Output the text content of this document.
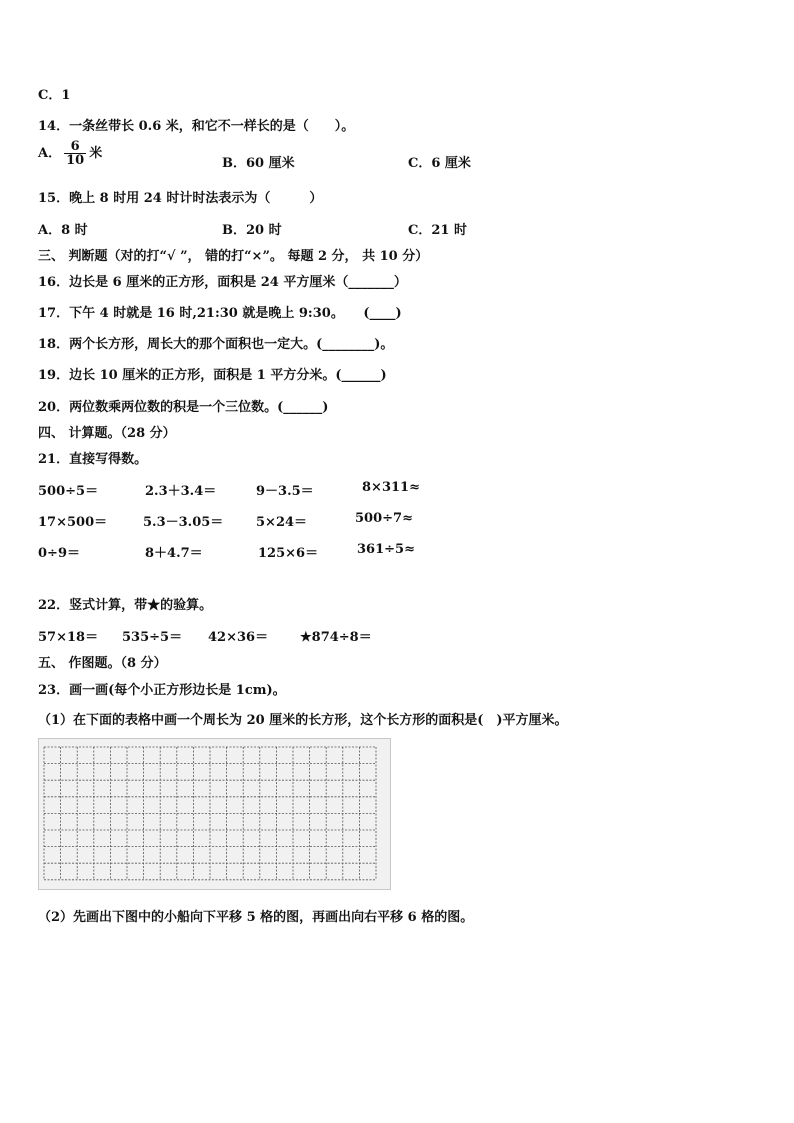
C．1
14．一条丝带长 0.6 米，和它不一样长的是（　　）。
A． $\frac{6}{10}$ 米
B．60 厘米	C．6 厘米
15．晚上 8 时用 24 时计时法表示为（　　　）
A．8 时	B．20 时	C．21 时
三、 判断题（对的打“√ ”， 错的打“×”。 每题 2 分， 共 10 分）
16．边长是 6 厘米的正方形，面积是 24 平方厘米（_______）
17．下午 4 时就是 16 时,21:30 就是晚上 9:30。　　(____)
18．两个长方形，周长大的那个面积也一定大。(________)。
19．边长 10 厘米的正方形，面积是 1 平方分米。(______)
20．两位数乘两位数的积是一个三位数。(______)
四、 计算题。（28 分）
21．直接写得数。
500÷5＝	2.3＋3.4＝	9－3.5＝	8×311≈
17×500＝	5.3－3.05＝	5×24＝	500÷7≈
0÷9＝	8＋4.7＝	125×6＝	361÷5≈
22．竖式计算，带★的验算。
57×18＝ 535÷5＝ 42×36＝ ★874÷8＝
五、 作图题。（8 分）
23．画一画(每个小正方形边长是 1cm)。
（1）在下面的表格中画一个周长为 20 厘米的长方形，这个长方形的面积是(　)平方厘米。
（2）先画出下图中的小船向下平移 5 格的图，再画出向右平移 6 格的图。
